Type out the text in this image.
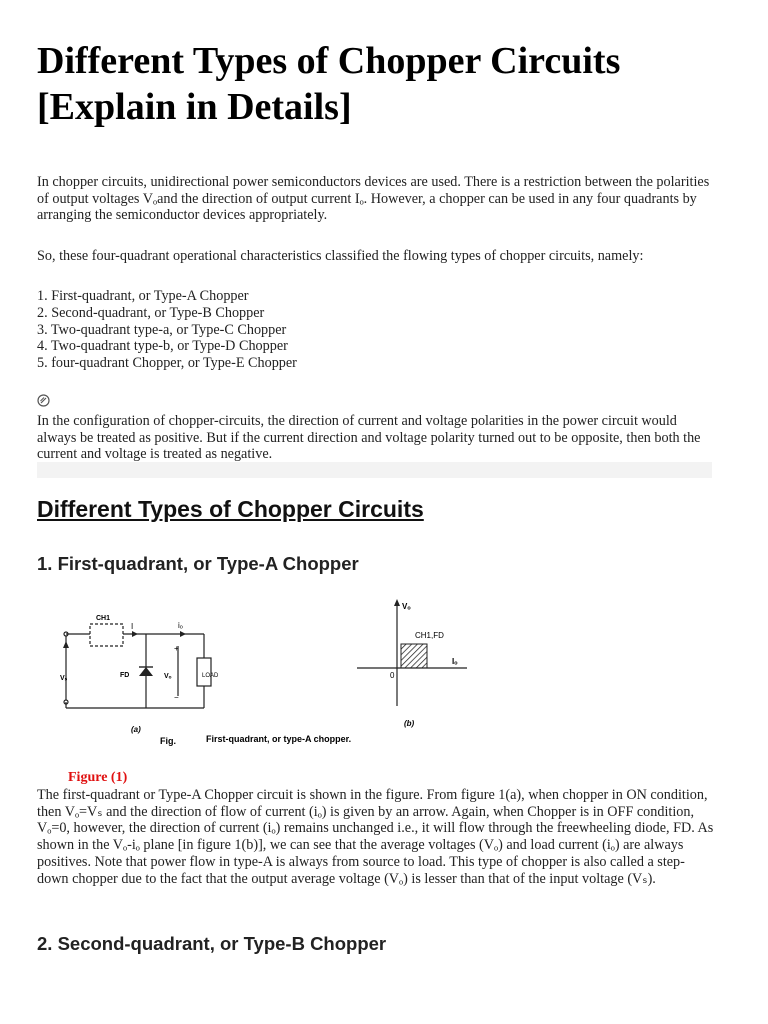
Different Types of Chopper Circuits [Explain in Details]

In chopper circuits, unidirectional power semiconductors devices are used. There is a restriction between the polarities of output voltages Vₒand the direction of output current Iₒ. However, a chopper can be used in any four quadrants by arranging the semiconductor devices appropriately.

So, these four-quadrant operational characteristics classified the flowing types of chopper circuits, namely:

1. First-quadrant, or Type-A Chopper
2. Second-quadrant, or Type-B Chopper
3. Two-quadrant type-a, or Type-C Chopper
4. Two-quadrant type-b, or Type-D Chopper
5. four-quadrant Chopper, or Type-E Chopper

In the configuration of chopper-circuits, the direction of current and voltage polarities in the power circuit would always be treated as positive. But if the current direction and voltage polarity turned out to be opposite, then both the current and voltage is treated as negative.

Different Types of Chopper Circuits
1. First-quadrant, or Type-A Chopper
CH1
I	iₒ
FD
Vₛ	Vₒ	LOAD
+
−
(a)
Vₒ
CH1,FD
Iₒ
0
(b)
Fig.	First-quadrant, or type-A chopper.

Figure (1)

The first-quadrant or Type-A Chopper circuit is shown in the figure. From figure 1(a), when chopper in ON condition, then Vₒ=Vₛ and the direction of flow of current (iₒ) is given by an arrow. Again, when Chopper is in OFF condition, Vₒ=0, however, the direction of current (iₒ) remains unchanged i.e., it will flow through the freewheeling diode, FD. As shown in the Vₒ-iₒ plane [in figure 1(b)], we can see that the average voltages (Vₒ) and load current (iₒ) are always positives. Note that power flow in type-A is always from source to load. This type of chopper is also called a step-down chopper due to the fact that the output average voltage (Vₒ) is lesser than that of the input voltage (Vₛ).

2. Second-quadrant, or Type-B Chopper
